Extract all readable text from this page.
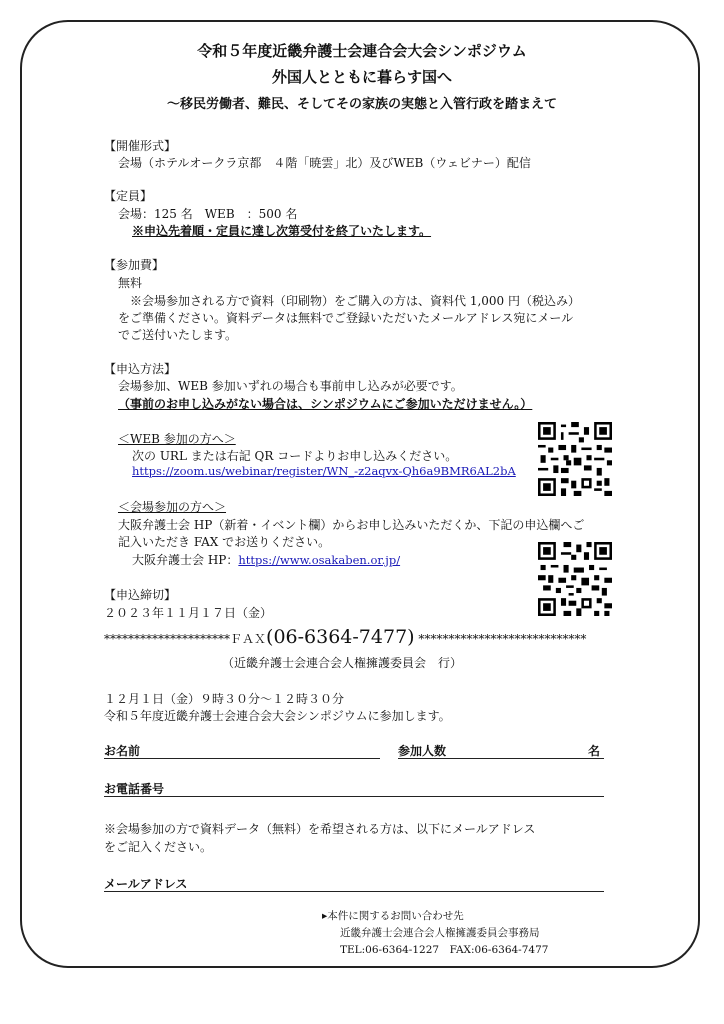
令和５年度近畿弁護士会連合会大会シンポジウム
外国人とともに暮らす国へ
～移民労働者、難民、そしてその家族の実態と入管行政を踏まえて
【開催形式】
会場（ホテルオークラ京都　４階「暁雲」北）及びWEB（ウェビナー）配信
【定員】
会場：125 名　WEB　：500 名
※申込先着順・定員に達し次第受付を終了いたします。
【参加費】
無料
※会場参加される方で資料（印刷物）をご購入の方は、資料代 1,000 円（税込み）
をご準備ください。資料データは無料でご登録いただいたメールアドレス宛にメール
でご送付いたします。
【申込方法】
会場参加、WEB 参加いずれの場合も事前申し込みが必要です。
（事前のお申し込みがない場合は、シンポジウムにご参加いただけません。）
＜WEB 参加の方へ＞
次の URL または右記 QR コードよりお申し込みください。
https://zoom.us/webinar/register/WN_-z2aqvx-Qh6a9BMR6AL2bA
＜会場参加の方へ＞
大阪弁護士会 HP（新着・イベント欄）からお申し込みいただくか、下記の申込欄へご
記入いただき FAX でお送りください。
大阪弁護士会 HP：https://www.osakaben.or.jp/
【申込締切】
２０２３年１１月１７日（金）
*********************ＦＡＸ(06-6364-7477) ****************************
（近畿弁護士会連合会人権擁護委員会　行）
１２月１日（金）９時３０分～１２時３０分
令和５年度近畿弁護士会連合会大会シンポジウムに参加します。
お名前	参加人数	名
お電話番号
※会場参加の方で資料データ（無料）を希望される方は、以下にメールアドレス
をご記入ください。
メールアドレス
▸本件に関するお問い合わせ先
近畿弁護士会連合会人権擁護委員会事務局
TEL:06-6364-1227　FAX:06-6364-7477
